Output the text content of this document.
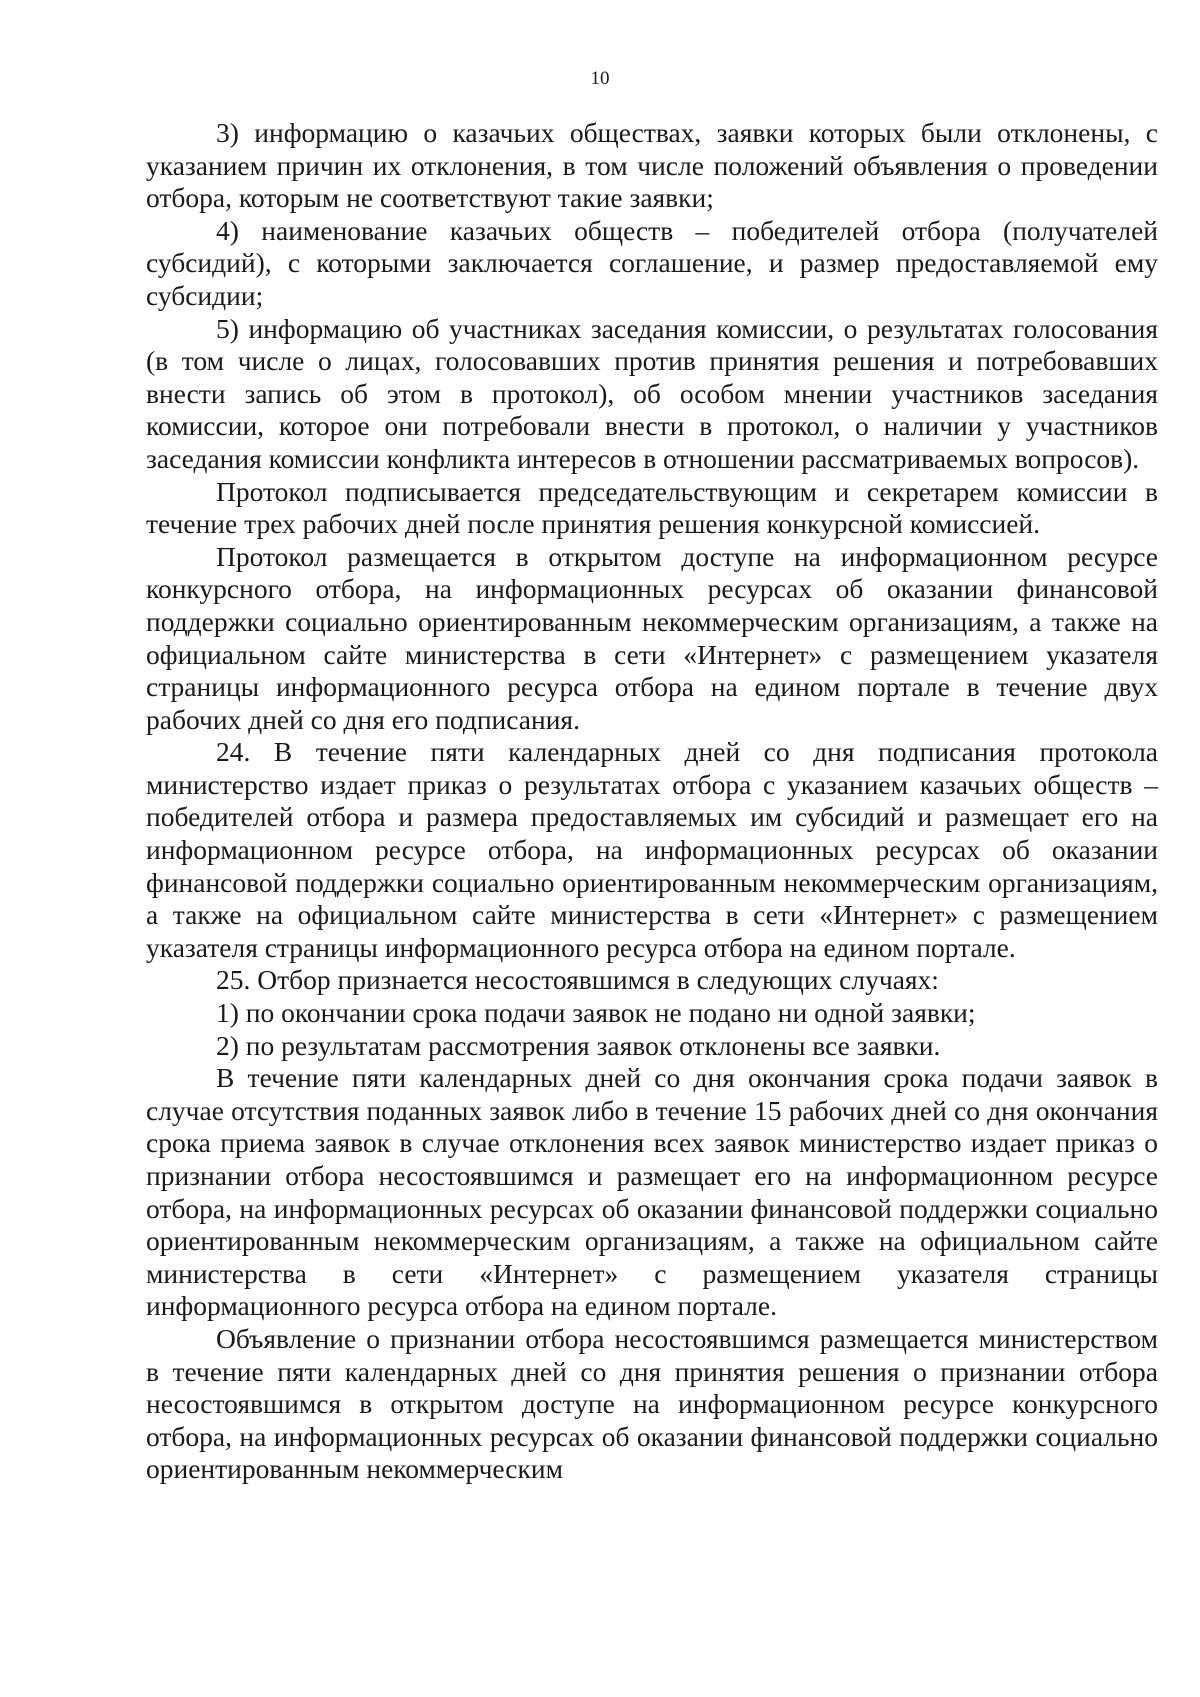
10

3) информацию о казачьих обществах, заявки которых были отклонены, с указанием причин их отклонения, в том числе положений объявления о проведении отбора, которым не соответствуют такие заявки;

4) наименование казачьих обществ – победителей отбора (получателей субсидий), с которыми заключается соглашение, и размер предоставляемой ему субсидии;

5) информацию об участниках заседания комиссии, о результатах голосования (в том числе о лицах, голосовавших против принятия решения и потребовавших внести запись об этом в протокол), об особом мнении участников заседания комиссии, которое они потребовали внести в протокол, о наличии у участников заседания комиссии конфликта интересов в отношении рассматриваемых вопросов).

Протокол подписывается председательствующим и секретарем комиссии в течение трех рабочих дней после принятия решения конкурсной комиссией.

Протокол размещается в открытом доступе на информационном ресурсе конкурсного отбора, на информационных ресурсах об оказании финансовой поддержки социально ориентированным некоммерческим организациям, а также на официальном сайте министерства в сети «Интернет» с размещением указателя страницы информационного ресурса отбора на едином портале в течение двух рабочих дней со дня его подписания.

24. В течение пяти календарных дней со дня подписания протокола министерство издает приказ о результатах отбора с указанием казачьих обществ – победителей отбора и размера предоставляемых им субсидий и размещает его на информационном ресурсе отбора, на информационных ресурсах об оказании финансовой поддержки социально ориентированным некоммерческим организациям, а также на официальном сайте министерства в сети «Интернет» с размещением указателя страницы информационного ресурса отбора на едином портале.

25. Отбор признается несостоявшимся в следующих случаях:

1) по окончании срока подачи заявок не подано ни одной заявки;

2) по результатам рассмотрения заявок отклонены все заявки.

В течение пяти календарных дней со дня окончания срока подачи заявок в случае отсутствия поданных заявок либо в течение 15 рабочих дней со дня окончания срока приема заявок в случае отклонения всех заявок министерство издает приказ о признании отбора несостоявшимся и размещает его на информационном ресурсе отбора, на информационных ресурсах об оказании финансовой поддержки социально ориентированным некоммерческим организациям, а также на официальном сайте министерства в сети «Интернет» с размещением указателя страницы информационного ресурса отбора на едином портале.

Объявление о признании отбора несостоявшимся размещается министерством в течение пяти календарных дней со дня принятия решения о признании отбора несостоявшимся в открытом доступе на информационном ресурсе конкурсного отбора, на информационных ресурсах об оказании финансовой поддержки социально ориентированным некоммерческим
